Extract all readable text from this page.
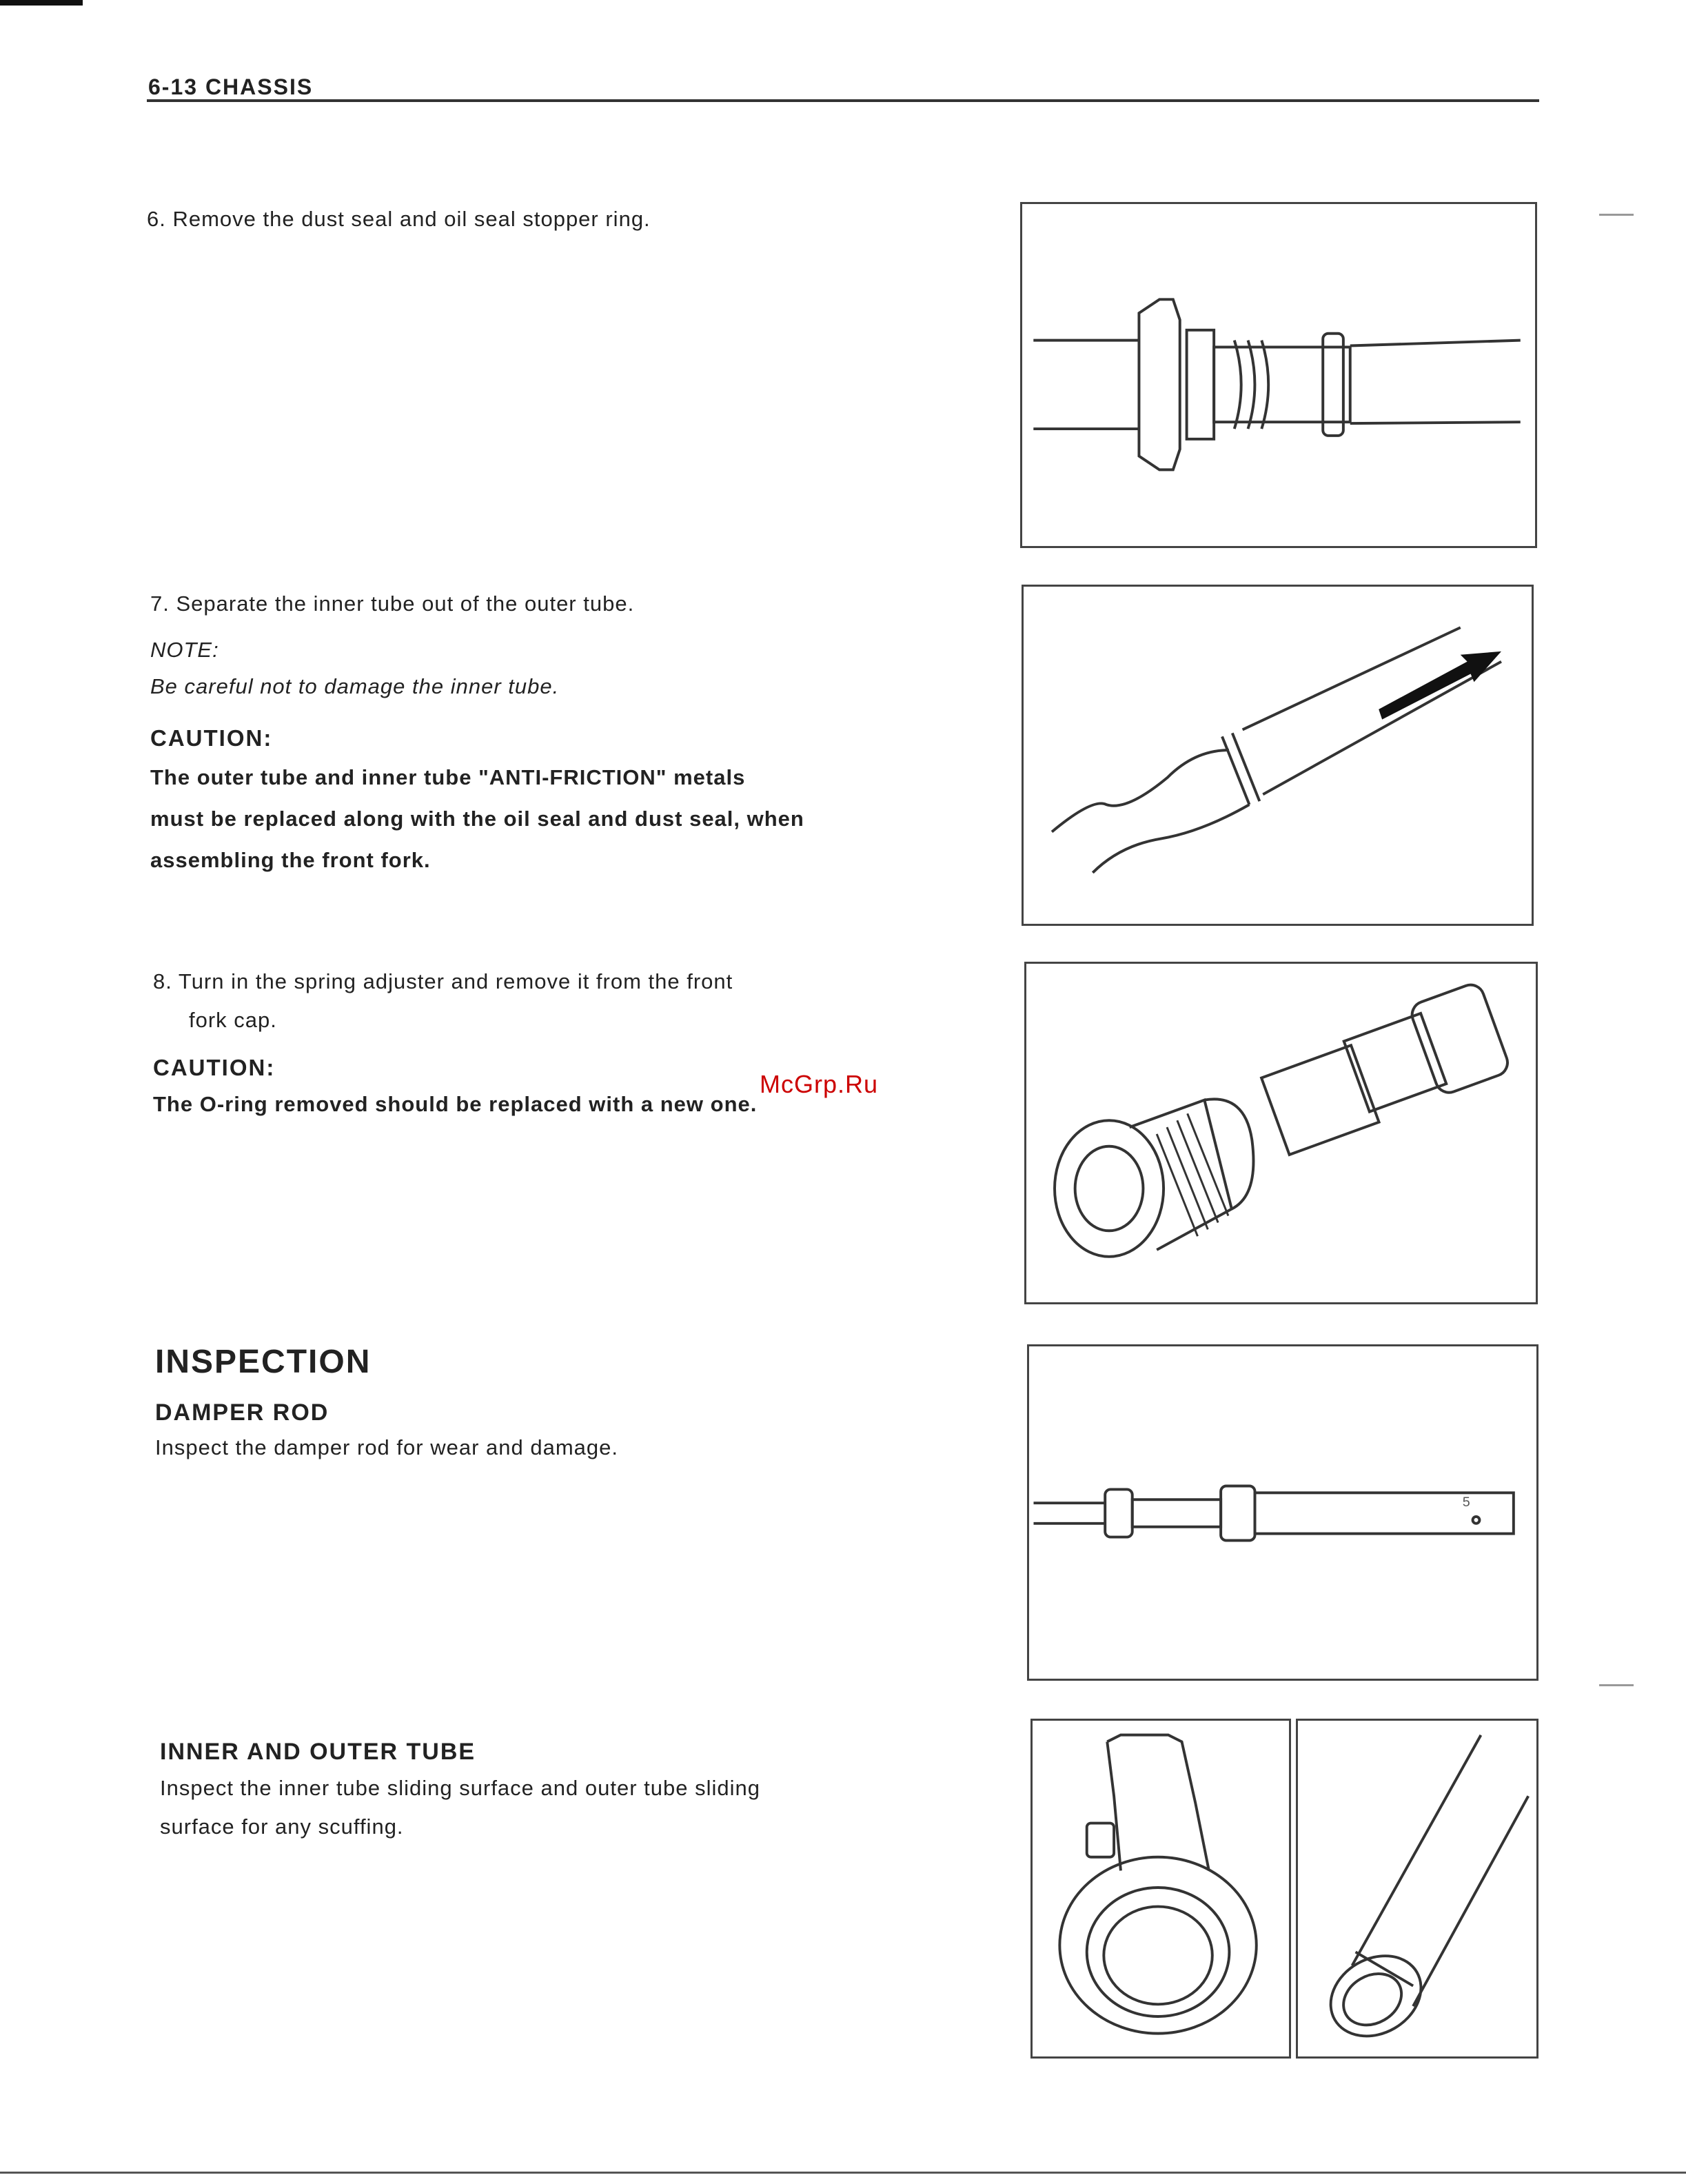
6-13 CHASSIS
6. Remove the dust seal and oil seal stopper ring.
7. Separate the inner tube out of the outer tube.
NOTE:
Be careful not to damage the inner tube.
CAUTION:
The outer tube and inner tube "ANTI-FRICTION" metals
must be replaced along with the oil seal and dust seal, when
assembling the front fork.
8. Turn in the spring adjuster and remove it from the front
fork cap.
CAUTION:
The O-ring removed should be replaced with a new one.
McGrp.Ru
INSPECTION
DAMPER ROD
Inspect the damper rod for wear and damage.
INNER AND OUTER TUBE
Inspect the inner tube sliding surface and outer tube sliding
surface for any scuffing.
5
